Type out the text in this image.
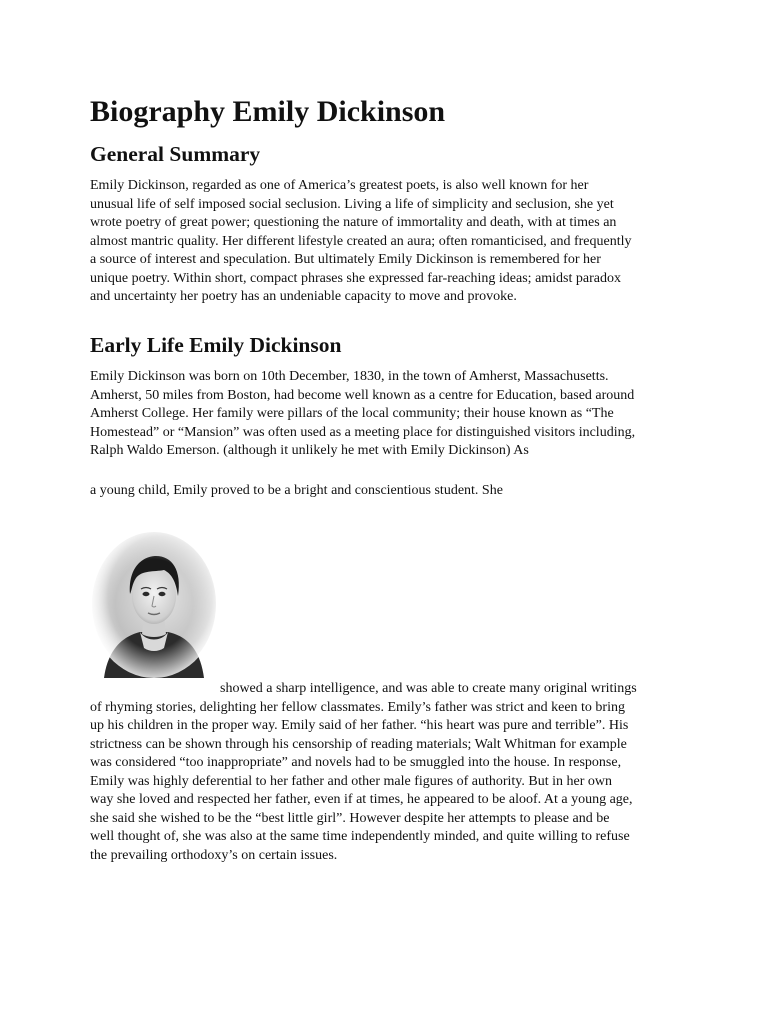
Biography Emily Dickinson
General Summary

Emily Dickinson, regarded as one of America’s greatest poets, is also well known for her
unusual life of self imposed social seclusion. Living a life of simplicity and seclusion, she yet
wrote poetry of great power; questioning the nature of immortality and death, with at times an
almost mantric quality. Her different lifestyle created an aura; often romanticised, and frequently
a source of interest and speculation. But ultimately Emily Dickinson is remembered for her
unique poetry. Within short, compact phrases she expressed far-reaching ideas; amidst paradox
and uncertainty her poetry has an undeniable capacity to move and provoke.

Early Life Emily Dickinson

Emily Dickinson was born on 10th December, 1830, in the town of Amherst, Massachusetts.
Amherst, 50 miles from Boston, had become well known as a centre for Education, based around
Amherst College. Her family were pillars of the local community; their house known as “The
Homestead” or “Mansion” was often used as a meeting place for distinguished visitors including,
Ralph Waldo Emerson. (although it unlikely he met with Emily Dickinson) As

a young child, Emily proved to be a bright and conscientious student. She

showed a sharp intelligence, and was able to create many original writings
of rhyming stories, delighting her fellow classmates. Emily’s father was strict and keen to bring
up his children in the proper way. Emily said of her father. “his heart was pure and terrible”. His
strictness can be shown through his censorship of reading materials; Walt Whitman for example
was considered “too inappropriate” and novels had to be smuggled into the house. In response,
Emily was highly deferential to her father and other male figures of authority. But in her own
way she loved and respected her father, even if at times, he appeared to be aloof. At a young age,
she said she wished to be the “best little girl”. However despite her attempts to please and be
well thought of, she was also at the same time independently minded, and quite willing to refuse
the prevailing orthodoxy’s on certain issues.
